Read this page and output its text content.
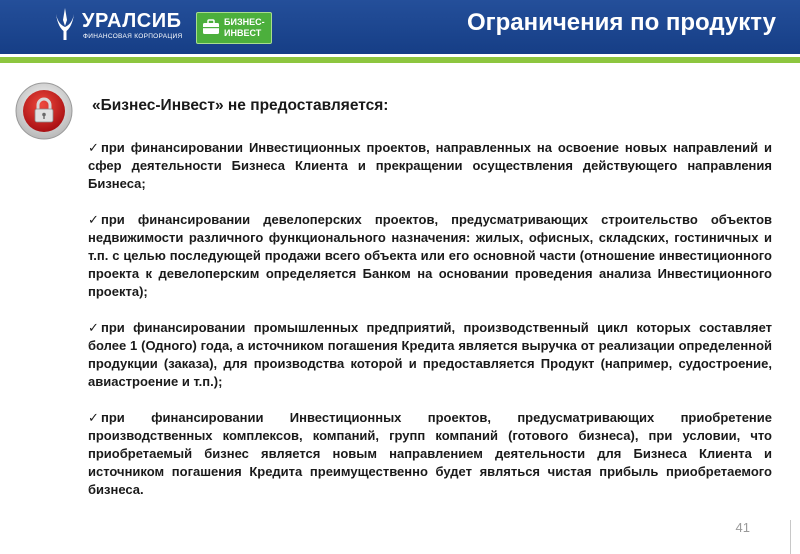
УРАЛСИБ
ФИНАНСОВАЯ КОРПОРАЦИЯ
БИЗНЕС-
ИНВЕСТ	Ограничения по продукту
«Бизнес-Инвест» не предоставляется:

✓ при финансировании Инвестиционных проектов, направленных на освоение новых направлений и сфер деятельности Бизнеса Клиента и прекращении осуществления действующего направления Бизнеса;

✓ при финансировании девелоперских проектов, предусматривающих строительство объектов недвижимости различного функционального назначения: жилых, офисных, складских, гостиничных и т.п. с целью последующей продажи всего объекта или его основной части (отношение инвестиционного проекта к девелоперским определяется Банком на основании проведения анализа Инвестиционного проекта);

✓ при финансировании промышленных предприятий, производственный цикл которых составляет более 1 (Одного) года, а источником погашения Кредита является выручка от реализации определенной продукции (заказа), для производства которой и предоставляется Продукт (например, судостроение, авиастроение и т.п.);

✓ при финансировании Инвестиционных проектов, предусматривающих приобретение производственных комплексов, компаний, групп компаний (готового бизнеса), при условии, что приобретаемый бизнес является новым направлением деятельности для Бизнеса Клиента и источником погашения Кредита преимущественно будет являться чистая прибыль приобретаемого бизнеса.

41
